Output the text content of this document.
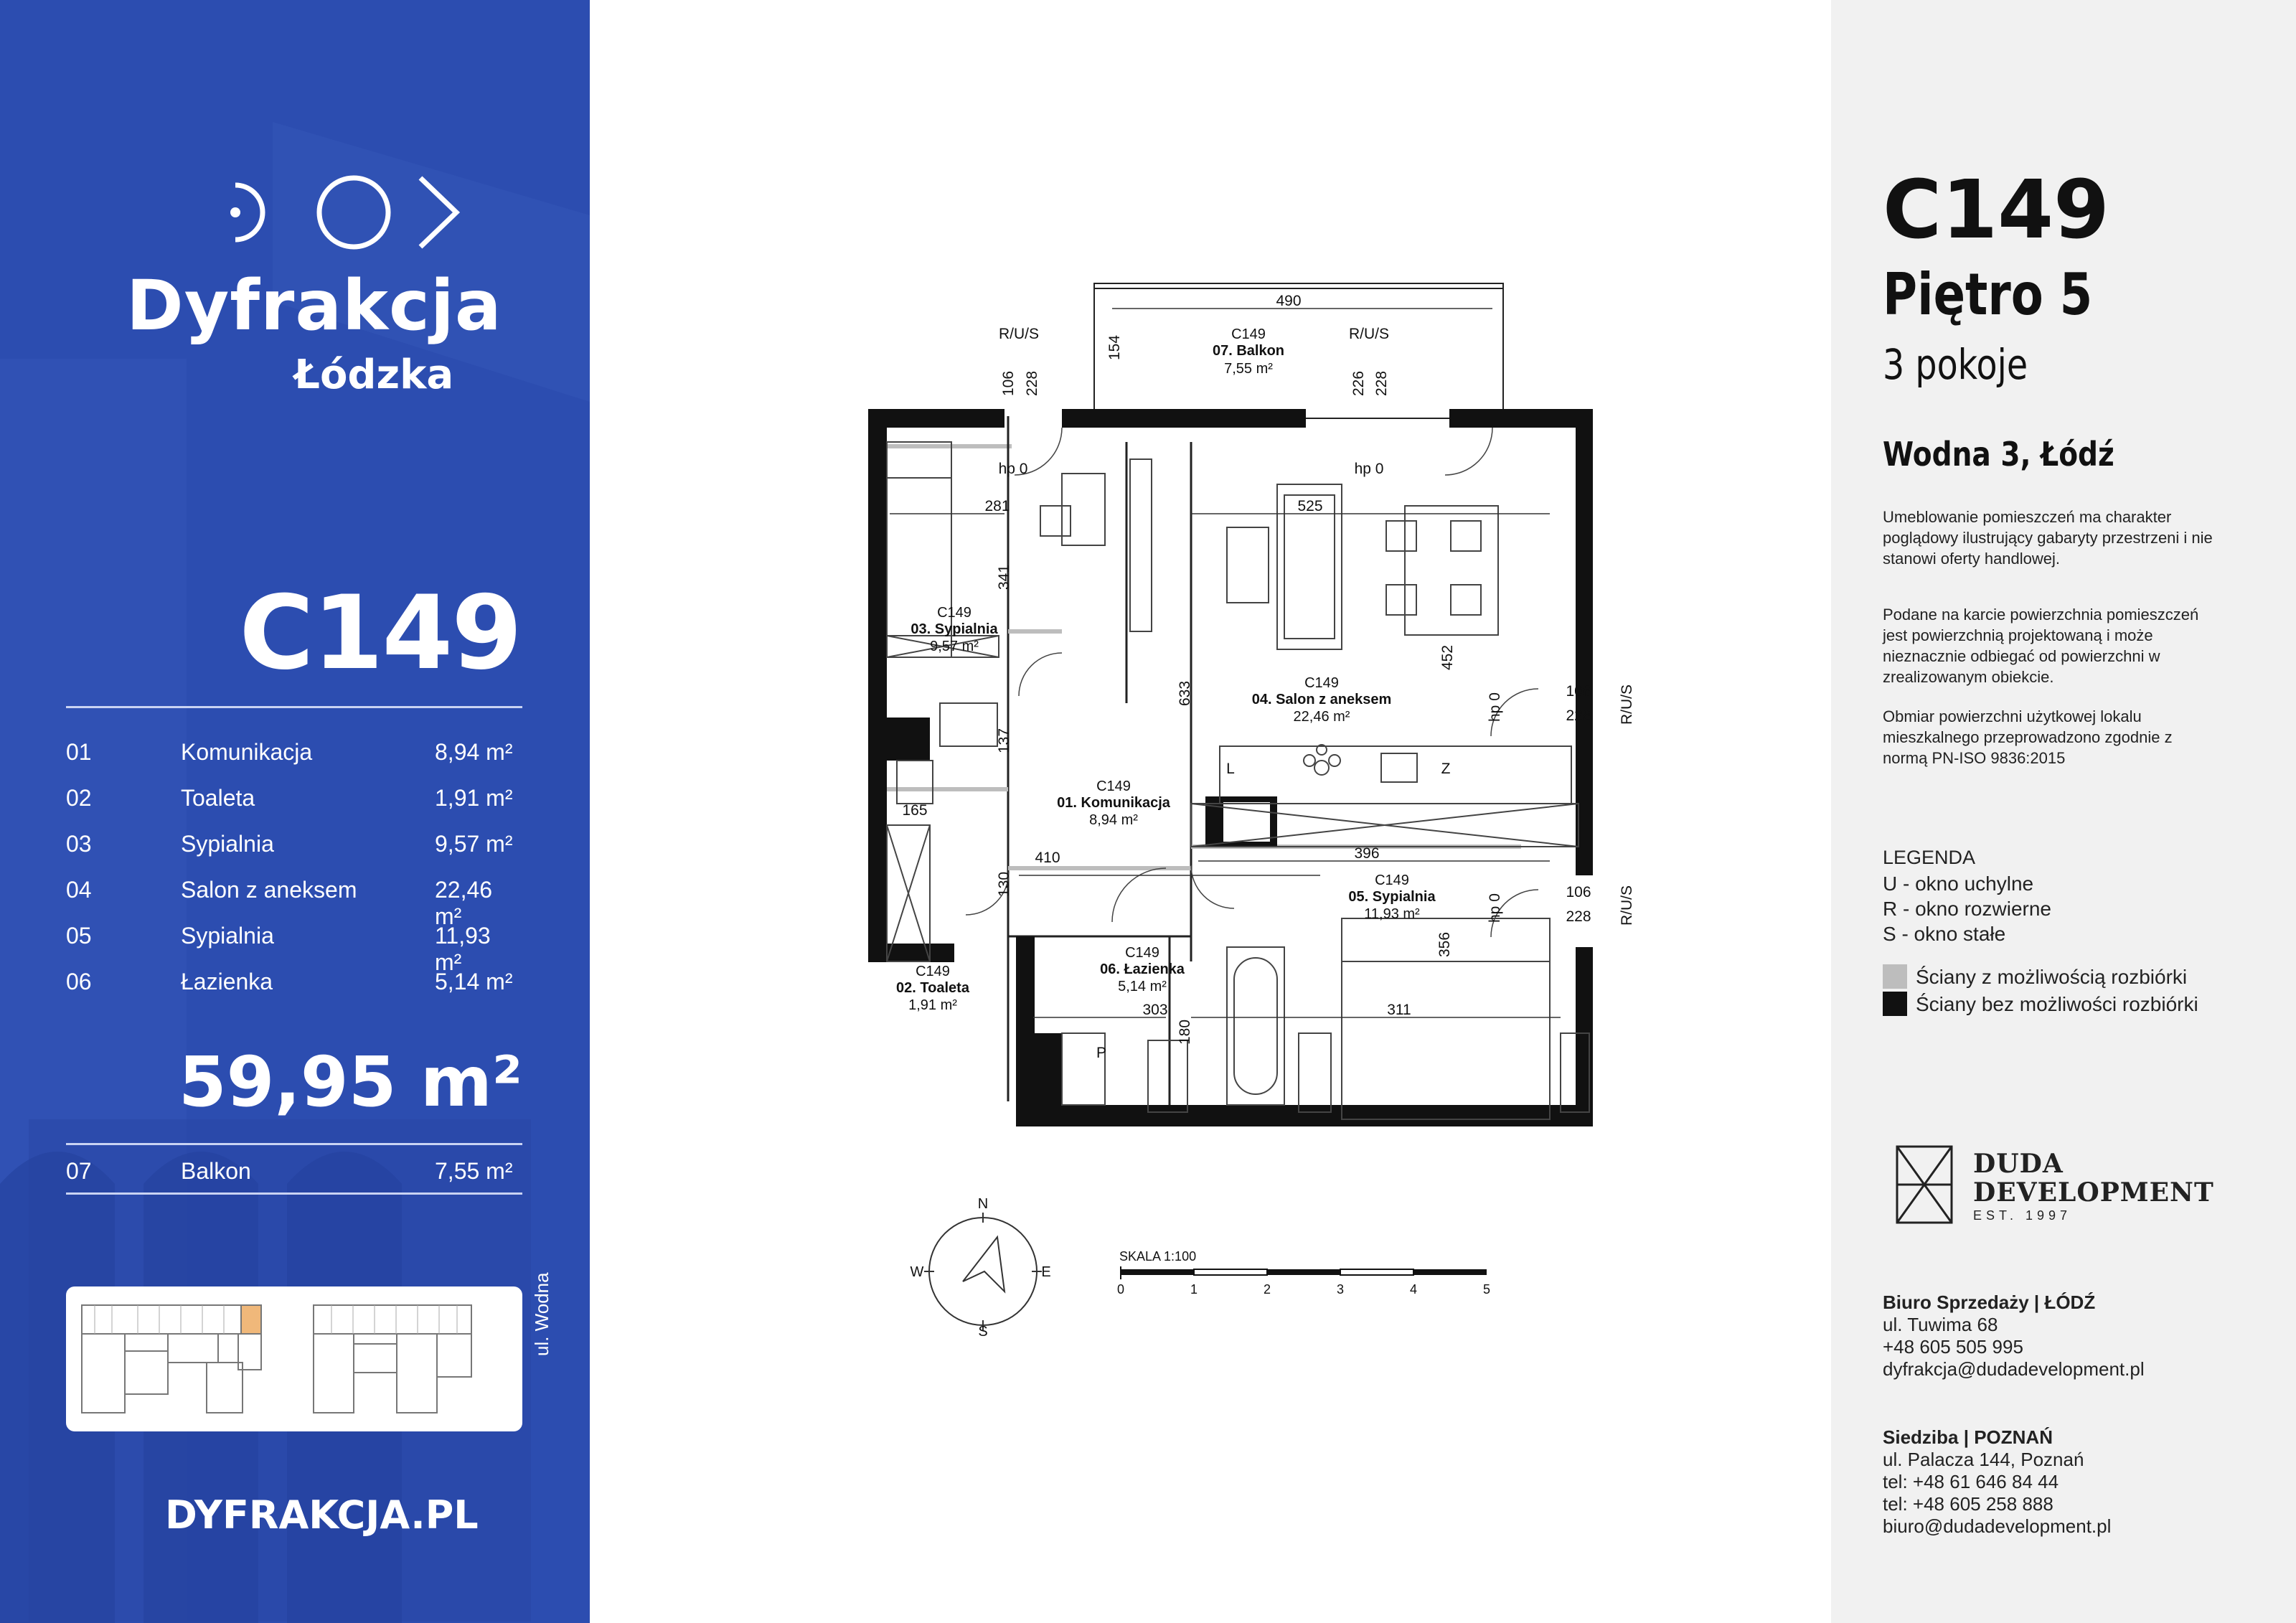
Dyfrakcja
Łódzka
C149
01	Komunikacja	8,94 m²
02	Toaleta	1,91 m²
03	Sypialnia	9,57 m²
04	Salon z aneksem	22,46 m²
05	Sypialnia	11,93 m²
06	Łazienka	5,14 m²
59,95 m²
07	Balkon	7,55 m²
ul. Wodna
DYFRAKCJA.PL
C149
07. Balkon
7,55 m²
C149
03. Sypialnia
9,57 m²
C149
04. Salon z aneksem
22,46 m²
C149
01. Komunikacja
8,94 m²
C149
05. Sypialnia
11,93 m²
C149
06. Łazienka
5,14 m²
C149
02. Toaleta
1,91 m²
490
281	525
410	396
165
303	311
hp 0	hp 0
R/U/S	R/U/S
106
228
106
228
L	Z
P
154
106 228	226 228
341
633
452
137
130
356
180
hp 0
hp 0
R/U/S
R/U/S
N
S
E
W
SKALA 1:100
0	1	2	3	4	5
C149
Piętro 5
3 pokoje
Wodna 3, Łódź
Umeblowanie pomieszczeń ma charakter poglądowy ilustrujący gabaryty przestrzeni i nie stanowi oferty handlowej.
Podane na karcie powierzchnia pomieszczeń jest powierzchnią projektowaną i może nieznacznie odbiegać od powierzchni w zrealizowanym obiekcie.
Obmiar powierzchni użytkowej lokalu mieszkalnego przeprowadzono zgodnie z normą PN-ISO 9836:2015
LEGENDA
U - okno uchylne
R - okno rozwierne
S - okno stałe
Ściany z możliwością rozbiórki
Ściany bez możliwości rozbiórki
DUDA
DEVELOPMENT
EST. 1997
Biuro Sprzedaży | ŁÓDŹ
ul. Tuwima 68
+48 605 505 995
dyfrakcja@dudadevelopment.pl
Siedziba | POZNAŃ
ul. Palacza 144, Poznań
tel: +48 61 646 84 44
tel: +48 605 258 888
biuro@dudadevelopment.pl
